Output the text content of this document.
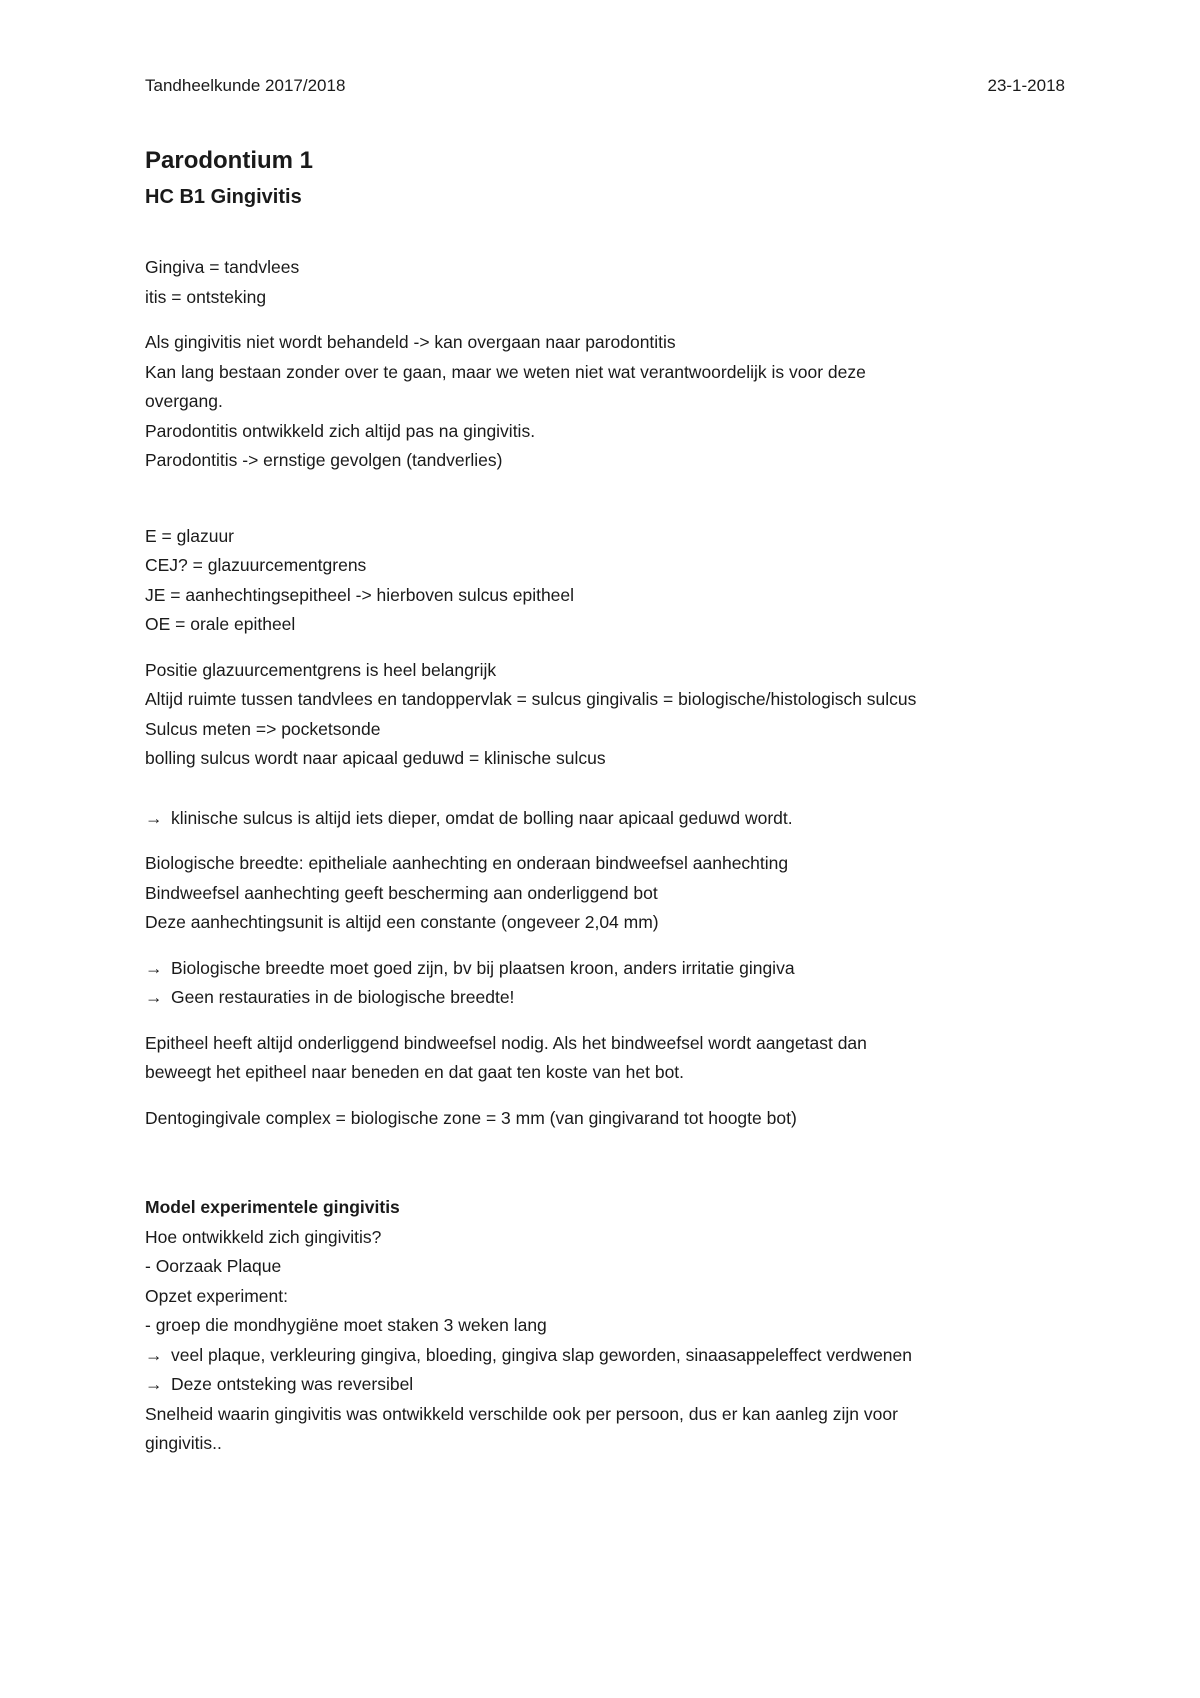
Tandheelkunde 2017/2018	23-1-2018
Parodontium 1
HC B1 Gingivitis

Gingiva = tandvlees

itis = ontsteking

Als gingivitis niet wordt behandeld -> kan overgaan naar parodontitis

Kan lang bestaan zonder over te gaan, maar we weten niet wat verantwoordelijk is voor deze

overgang.

Parodontitis ontwikkeld zich altijd pas na gingivitis.

Parodontitis -> ernstige gevolgen (tandverlies)

E = glazuur

CEJ? = glazuurcementgrens

JE = aanhechtingsepitheel -> hierboven sulcus epitheel

OE = orale epitheel

Positie glazuurcementgrens is heel belangrijk

Altijd ruimte tussen tandvlees en tandoppervlak = sulcus gingivalis = biologische/histologisch sulcus

Sulcus meten => pocketsonde

bolling sulcus wordt naar apicaal geduwd = klinische sulcus

→ klinische sulcus is altijd iets dieper, omdat de bolling naar apicaal geduwd wordt.

Biologische breedte: epitheliale aanhechting en onderaan bindweefsel aanhechting

Bindweefsel aanhechting geeft bescherming aan onderliggend bot

Deze aanhechtingsunit is altijd een constante (ongeveer 2,04 mm)

→ Biologische breedte moet goed zijn, bv bij plaatsen kroon, anders irritatie gingiva

→ Geen restauraties in de biologische breedte!

Epitheel heeft altijd onderliggend bindweefsel nodig. Als het bindweefsel wordt aangetast dan

beweegt het epitheel naar beneden en dat gaat ten koste van het bot.

Dentogingivale complex = biologische zone = 3 mm (van gingivarand tot hoogte bot)

Model experimentele gingivitis

Hoe ontwikkeld zich gingivitis?

- Oorzaak Plaque

Opzet experiment:

- groep die mondhygiëne moet staken 3 weken lang

→ veel plaque, verkleuring gingiva, bloeding, gingiva slap geworden, sinaasappeleffect verdwenen

→ Deze ontsteking was reversibel

Snelheid waarin gingivitis was ontwikkeld verschilde ook per persoon, dus er kan aanleg zijn voor

gingivitis..
